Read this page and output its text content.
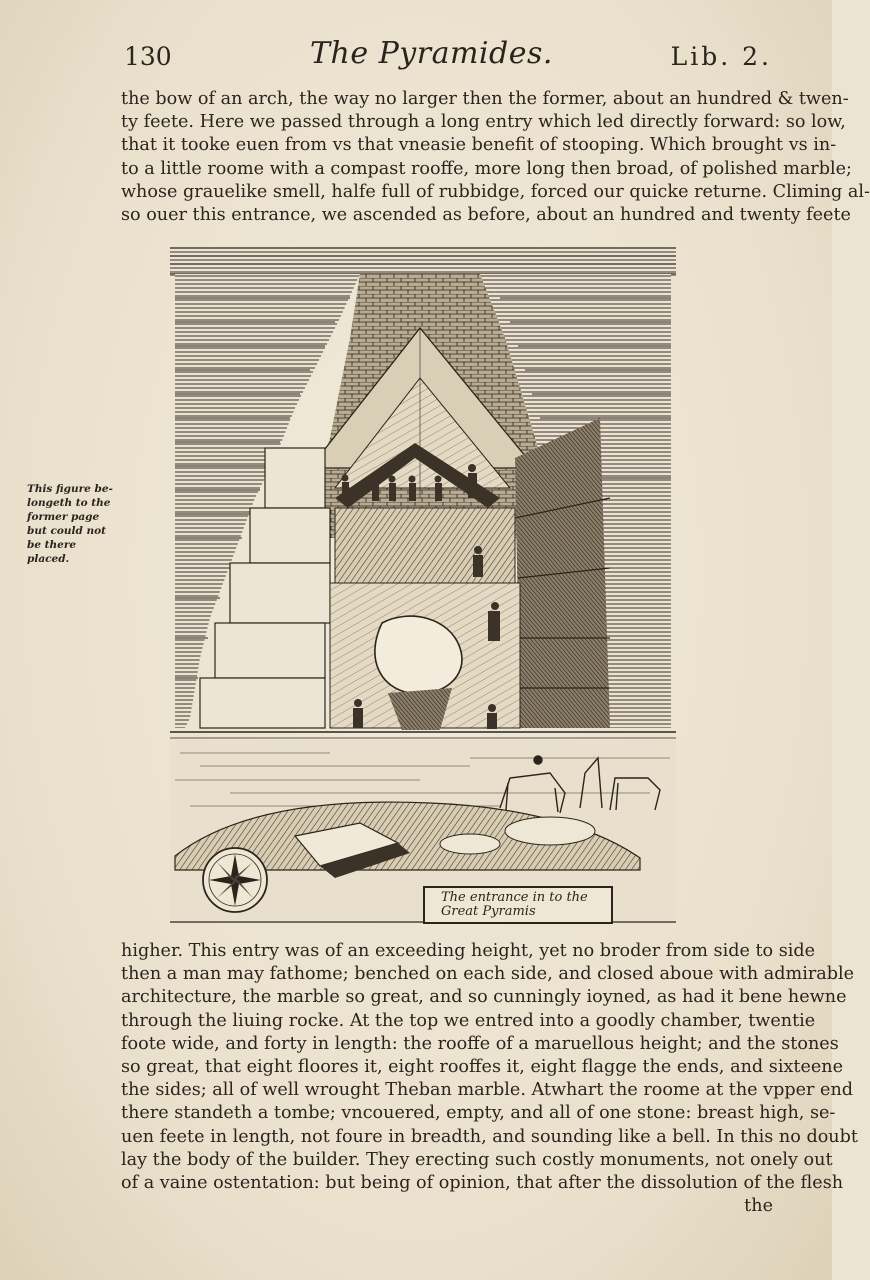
130	The Pyramides.	Lib. 2.
the bow of an arch, the way no larger then the former, about an hundred & twen-
ty feete. Here we passed through a long entry which led directly forward: so low,
that it tooke euen from vs that vneasie benefit of stooping. Which brought vs in-
to a little roome with a compast rooffe, more long then broad, of polished marble;
whose grauelike smell, halfe full of rubbidge, forced our quicke returne. Climing al-
so ouer this entrance, we ascended as before, about an hundred and twenty feete
This figure be-longeth to the former page but could not be there placed.
The entrance in to the
Great Pyramis
higher. This entry was of an exceeding height, yet no broder from side to side
then a man may fathome; benched on each side, and closed aboue with admirable
architecture, the marble so great, and so cunningly ioyned, as had it bene hewne
through the liuing rocke. At the top we entred into a goodly chamber, twentie
foote wide, and forty in length: the rooffe of a maruellous height; and the stones
so great, that eight floores it, eight rooffes it, eight flagge the ends, and sixteene
the sides; all of well wrought Theban marble. Atwhart the roome at the vpper end
there standeth a tombe; vncouered, empty, and all of one stone: breast high, se-
uen feete in length, not foure in breadth, and sounding like a bell. In this no doubt
lay the body of the builder. They erecting such costly monuments, not onely out
of a vaine ostentation: but being of opinion, that after the dissolution of the flesh
the
